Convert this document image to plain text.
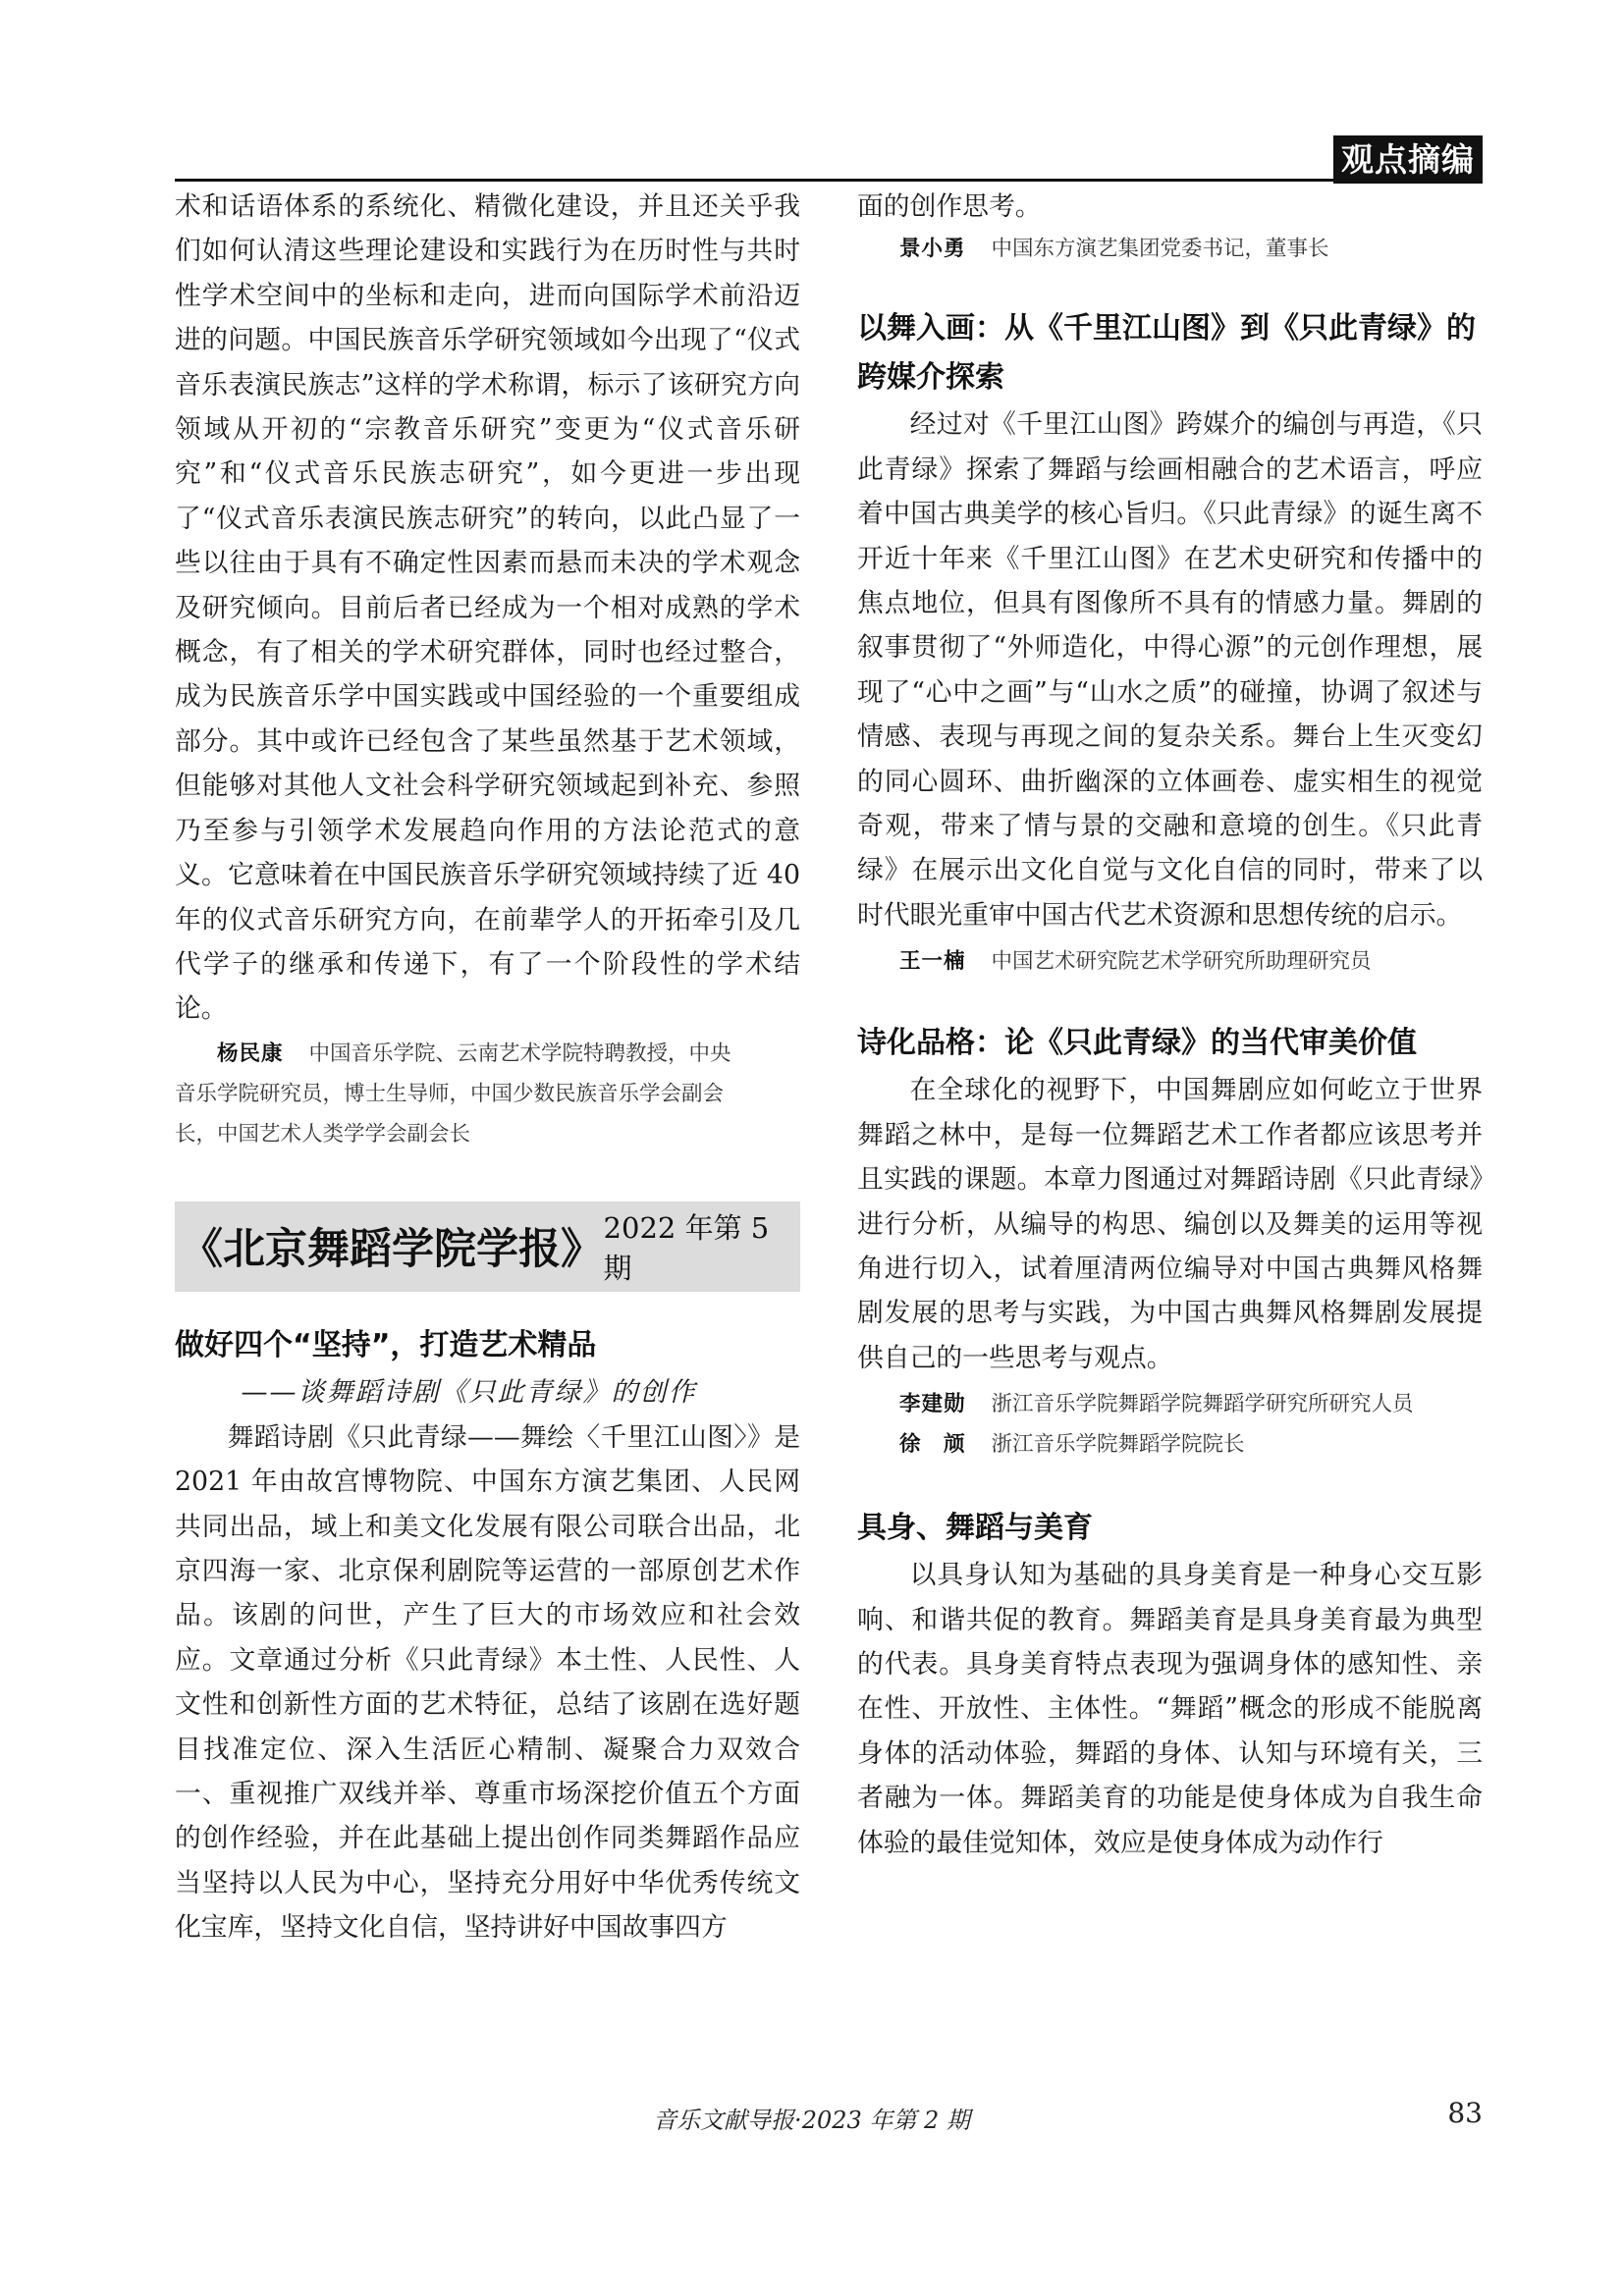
观点摘编

术和话语体系的系统化、精微化建设，并且还关乎我们如何认清这些理论建设和实践行为在历时性与共时性学术空间中的坐标和走向，进而向国际学术前沿迈进的问题。中国民族音乐学研究领域如今出现了“仪式音乐表演民族志”这样的学术称谓，标示了该研究方向领域从开初的“宗教音乐研究”变更为“仪式音乐研究”和“仪式音乐民族志研究”，如今更进一步出现了“仪式音乐表演民族志研究”的转向，以此凸显了一些以往由于具有不确定性因素而悬而未决的学术观念及研究倾向。目前后者已经成为一个相对成熟的学术概念，有了相关的学术研究群体，同时也经过整合，成为民族音乐学中国实践或中国经验的一个重要组成部分。其中或许已经包含了某些虽然基于艺术领域，但能够对其他人文社会科学研究领域起到补充、参照乃至参与引领学术发展趋向作用的方法论范式的意义。它意味着在中国民族音乐学研究领域持续了近 40 年的仪式音乐研究方向，在前辈学人的开拓牵引及几代学子的继承和传递下，有了一个阶段性的学术结论。

杨民康 中国音乐学院、云南艺术学院特聘教授，中央

音乐学院研究员，博士生导师，中国少数民族音乐学会副会

长，中国艺术人类学学会副会长

《北京舞蹈学院学报》 2022 年第 5 期

做好四个“坚持”，打造艺术精品

——谈舞蹈诗剧《只此青绿》的创作

舞蹈诗剧《只此青绿——舞绘〈千里江山图〉》是 2021 年由故宫博物院、中国东方演艺集团、人民网共同出品，域上和美文化发展有限公司联合出品，北京四海一家、北京保利剧院等运营的一部原创艺术作品。该剧的问世，产生了巨大的市场效应和社会效应。文章通过分析《只此青绿》本土性、人民性、人文性和创新性方面的艺术特征，总结了该剧在选好题目找准定位、深入生活匠心精制、凝聚合力双效合一、重视推广双线并举、尊重市场深挖价值五个方面的创作经验，并在此基础上提出创作同类舞蹈作品应当坚持以人民为中心，坚持充分用好中华优秀传统文化宝库，坚持文化自信，坚持讲好中国故事四方

面的创作思考。

景小勇 中国东方演艺集团党委书记，董事长

以舞入画：从《千里江山图》到《只此青绿》的

跨媒介探索

经过对《千里江山图》跨媒介的编创与再造，《只此青绿》探索了舞蹈与绘画相融合的艺术语言，呼应着中国古典美学的核心旨归。《只此青绿》的诞生离不开近十年来《千里江山图》在艺术史研究和传播中的焦点地位，但具有图像所不具有的情感力量。舞剧的叙事贯彻了“外师造化，中得心源”的元创作理想，展现了“心中之画”与“山水之质”的碰撞，协调了叙述与情感、表现与再现之间的复杂关系。舞台上生灭变幻的同心圆环、曲折幽深的立体画卷、虚实相生的视觉奇观，带来了情与景的交融和意境的创生。《只此青绿》在展示出文化自觉与文化自信的同时，带来了以时代眼光重审中国古代艺术资源和思想传统的启示。

王一楠 中国艺术研究院艺术学研究所助理研究员

诗化品格：论《只此青绿》的当代审美价值

在全球化的视野下，中国舞剧应如何屹立于世界舞蹈之林中，是每一位舞蹈艺术工作者都应该思考并且实践的课题。本章力图通过对舞蹈诗剧《只此青绿》进行分析，从编导的构思、编创以及舞美的运用等视角进行切入，试着厘清两位编导对中国古典舞风格舞剧发展的思考与实践，为中国古典舞风格舞剧发展提供自己的一些思考与观点。

李建勋 浙江音乐学院舞蹈学院舞蹈学研究所研究人员

徐　颃 浙江音乐学院舞蹈学院院长

具身、舞蹈与美育

以具身认知为基础的具身美育是一种身心交互影响、和谐共促的教育。舞蹈美育是具身美育最为典型的代表。具身美育特点表现为强调身体的感知性、亲在性、开放性、主体性。“舞蹈”概念的形成不能脱离身体的活动体验，舞蹈的身体、认知与环境有关，三者融为一体。舞蹈美育的功能是使身体成为自我生命体验的最佳觉知体，效应是使身体成为动作行

音乐文献导报·2023 年第 2 期	83
